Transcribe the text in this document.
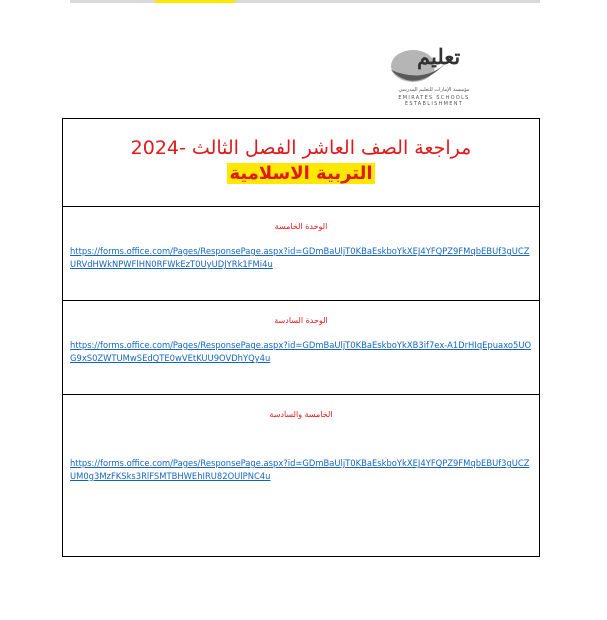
تعليم
مؤسسة الإمارات للتعليم المدرسي
EMIRATES SCHOOLS ESTABLISHMENT
مراجعة الصف العاشر الفصل الثالث -2024
التربية الاسلامية

الوحدة الخامسة
https://forms.office.com/Pages/ResponsePage.aspx?id=GDmBaUljT0KBaEskboYkXEJ4YFQPZ9FMqbEBUf3gUCZURVdHWkNPWFlHN0RFWkEzT0UyUDJYRk1FMi4u

الوحدة السادسة
https://forms.office.com/Pages/ResponsePage.aspx?id=GDmBaUljT0KBaEskboYkXB3if7ex-A1DrHIqEpuaxo5UOG9xS0ZWTUMwSEdQTE0wVEtKUU9OVDhYQy4u

الخامسة والسادسة
https://forms.office.com/Pages/ResponsePage.aspx?id=GDmBaUljT0KBaEskboYkXEJ4YFQPZ9FMqbEBUf3gUCZUM0g3MzFKSks3RlFSMTBHWEhIRU82OUlPNC4u
